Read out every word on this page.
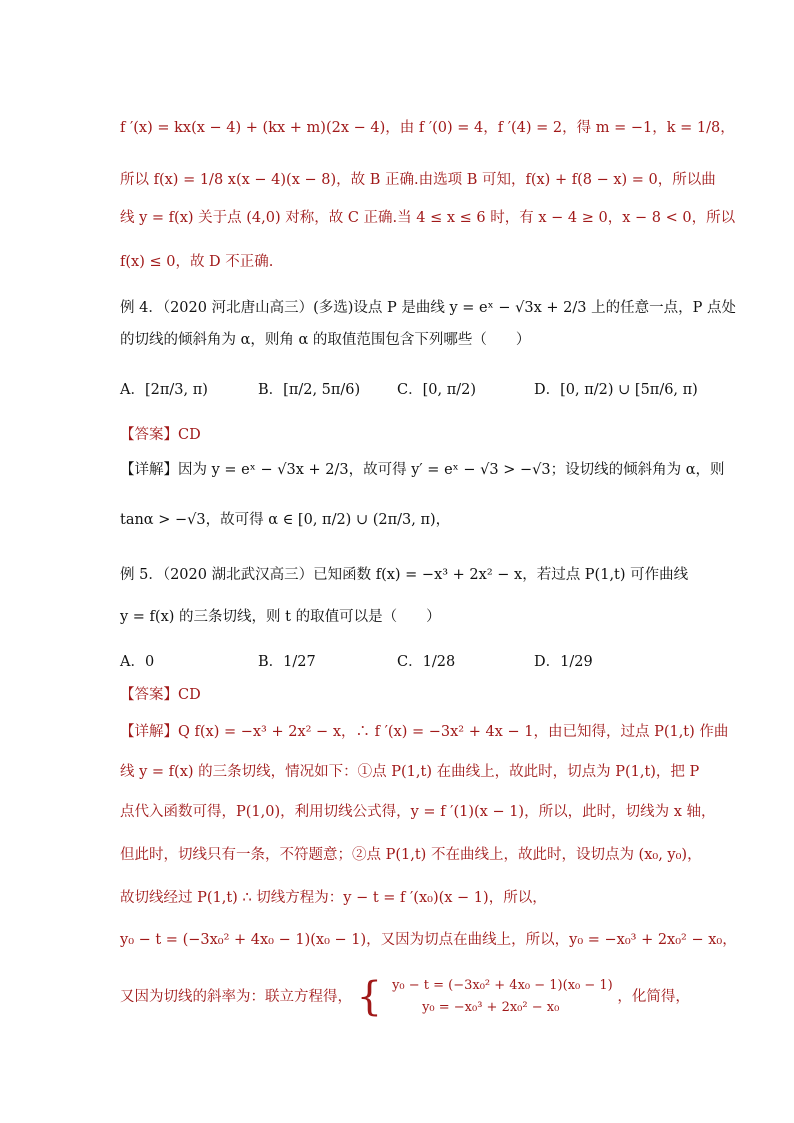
f ′(x) = kx(x − 4) + (kx + m)(2x − 4)，由 f ′(0) = 4，f ′(4) = 2，得 m = −1，k = 1/8，
所以 f(x) = 1/8 x(x − 4)(x − 8)，故 B 正确.由选项 B 可知，f(x) + f(8 − x) = 0，所以曲
线 y = f(x) 关于点 (4,0) 对称，故 C 正确.当 4 ≤ x ≤ 6 时，有 x − 4 ≥ 0，x − 8 < 0，所以
f(x) ≤ 0，故 D 不正确.
例 4．（2020 河北唐山高三）(多选)设点 P 是曲线 y = eˣ − √3x + 2/3 上的任意一点，P 点处
的切线的倾斜角为 α，则角 α 的取值范围包含下列哪些（　　）
A．[2π/3, π)	B．[π/2, 5π/6)	C．[0, π/2)	D．[0, π/2) ∪ [5π/6, π)
【答案】CD
【详解】因为 y = eˣ − √3x + 2/3，故可得 y′ = eˣ − √3 > −√3；设切线的倾斜角为 α，则
tanα > −√3，故可得 α ∈ [0, π/2) ∪ (2π/3, π)，
例 5．（2020 湖北武汉高三）已知函数 f(x) = −x³ + 2x² − x，若过点 P(1,t) 可作曲线
y = f(x) 的三条切线，则 t 的取值可以是（　　）
A．0	B．1/27	C．1/28	D．1/29
【答案】CD
【详解】Q f(x) = −x³ + 2x² − x，∴ f ′(x) = −3x² + 4x − 1，由已知得，过点 P(1,t) 作曲
线 y = f(x) 的三条切线，情况如下：①点 P(1,t) 在曲线上，故此时，切点为 P(1,t)，把 P
点代入函数可得，P(1,0)，利用切线公式得，y = f ′(1)(x − 1)，所以，此时，切线为 x 轴，
但此时，切线只有一条，不符题意；②点 P(1,t) 不在曲线上，故此时，设切点为 (x₀, y₀)，
故切线经过 P(1,t) ∴ 切线方程为：y − t = f ′(x₀)(x − 1)，所以，
y₀ − t = (−3x₀² + 4x₀ − 1)(x₀ − 1)，又因为切点在曲线上，所以，y₀ = −x₀³ + 2x₀² − x₀，
又因为切线的斜率为：联立方程得， { y₀ − t = (−3x₀² + 4x₀ − 1)(x₀ − 1)
y₀ = −x₀³ + 2x₀² − x₀
，化简得，
